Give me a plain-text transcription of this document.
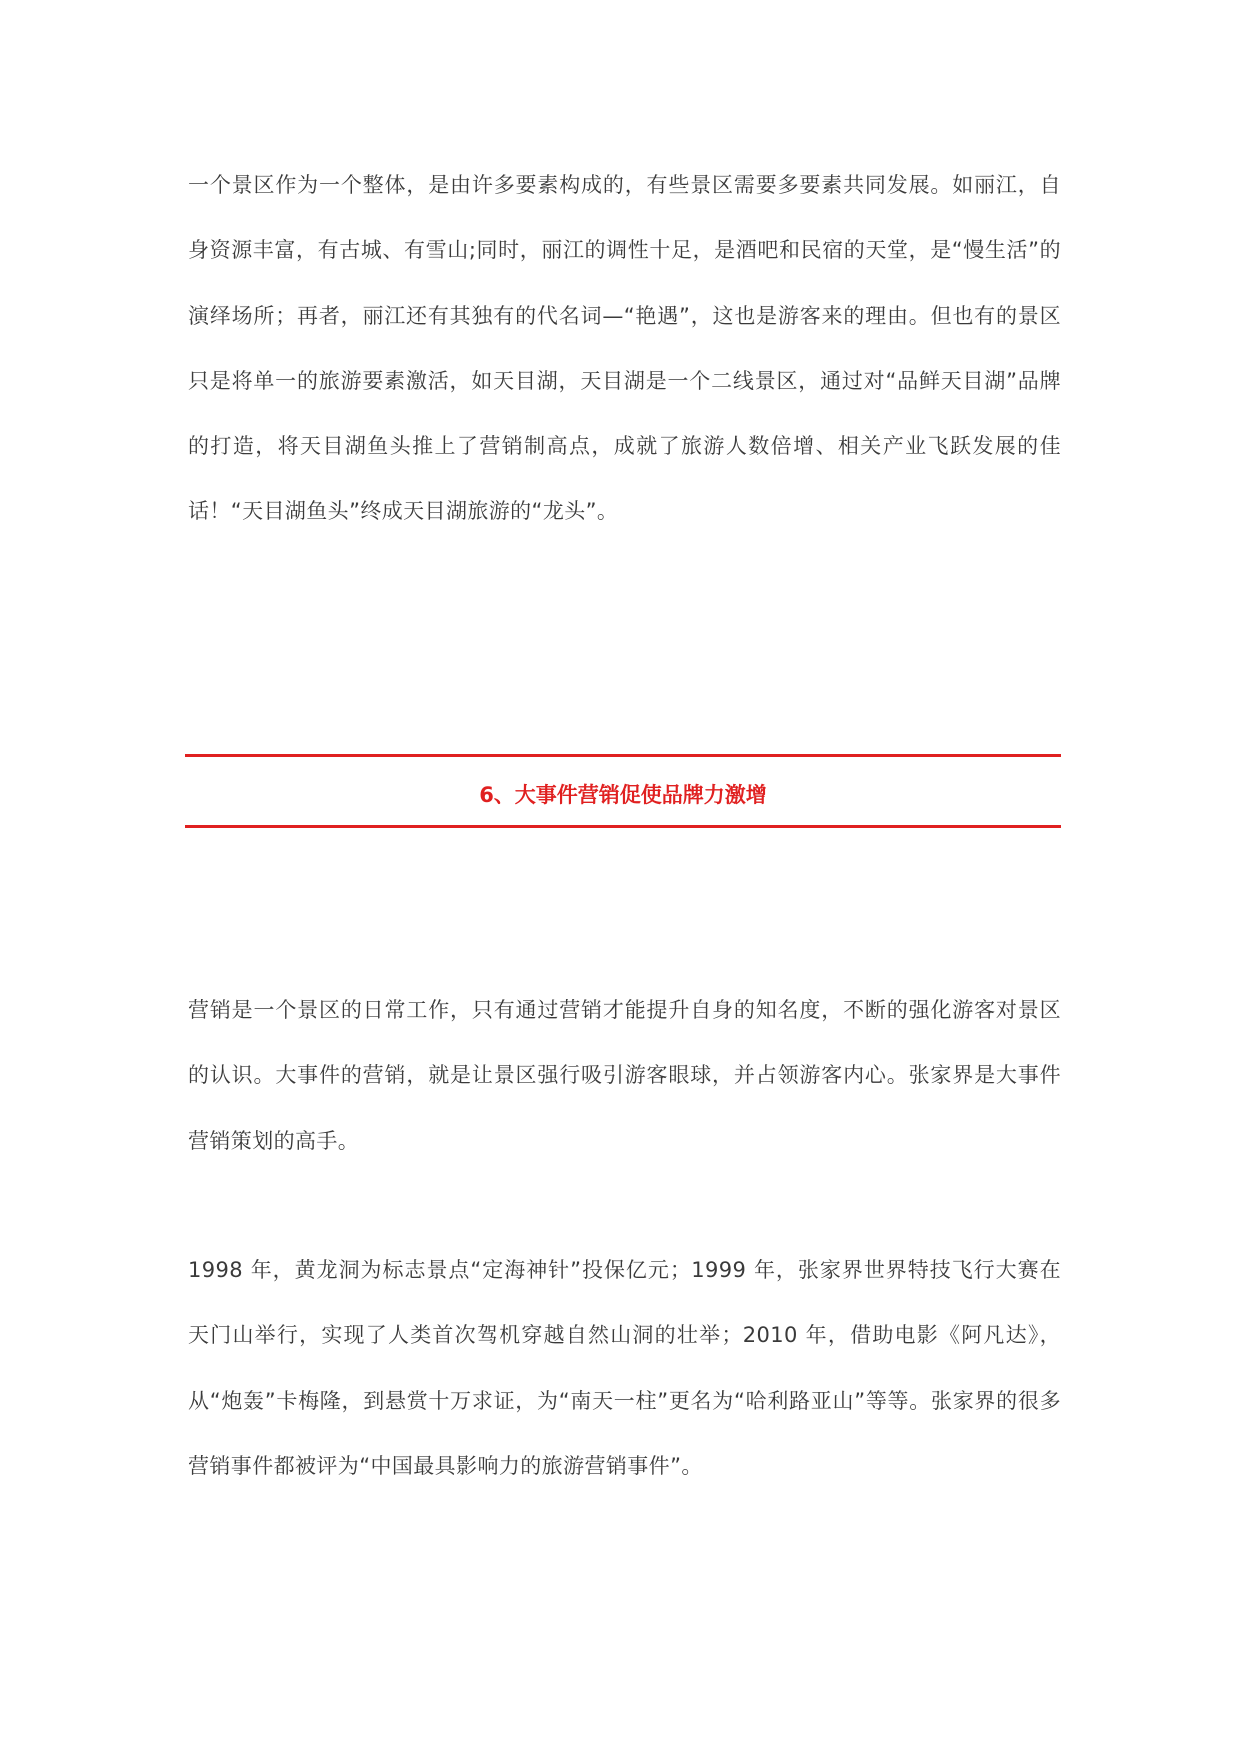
一个景区作为一个整体，是由许多要素构成的，有些景区需要多要素共同发展。如丽江，自身资源丰富，有古城、有雪山;同时，丽江的调性十足，是酒吧和民宿的天堂，是“慢生活”的演绎场所；再者，丽江还有其独有的代名词—“艳遇”，这也是游客来的理由。但也有的景区只是将单一的旅游要素激活，如天目湖，天目湖是一个二线景区，通过对“品鲜天目湖”品牌的打造，将天目湖鱼头推上了营销制高点，成就了旅游人数倍增、相关产业飞跃发展的佳话！“天目湖鱼头”终成天目湖旅游的“龙头”。

6、大事件营销促使品牌力激增

营销是一个景区的日常工作，只有通过营销才能提升自身的知名度，不断的强化游客对景区的认识。大事件的营销，就是让景区强行吸引游客眼球，并占领游客内心。张家界是大事件营销策划的高手。

1998 年，黄龙洞为标志景点“定海神针”投保亿元；1999 年，张家界世界特技飞行大赛在天门山举行，实现了人类首次驾机穿越自然山洞的壮举；2010 年，借助电影《阿凡达》，从“炮轰”卡梅隆，到悬赏十万求证，为“南天一柱”更名为“哈利路亚山”等等。张家界的很多营销事件都被评为“中国最具影响力的旅游营销事件”。
